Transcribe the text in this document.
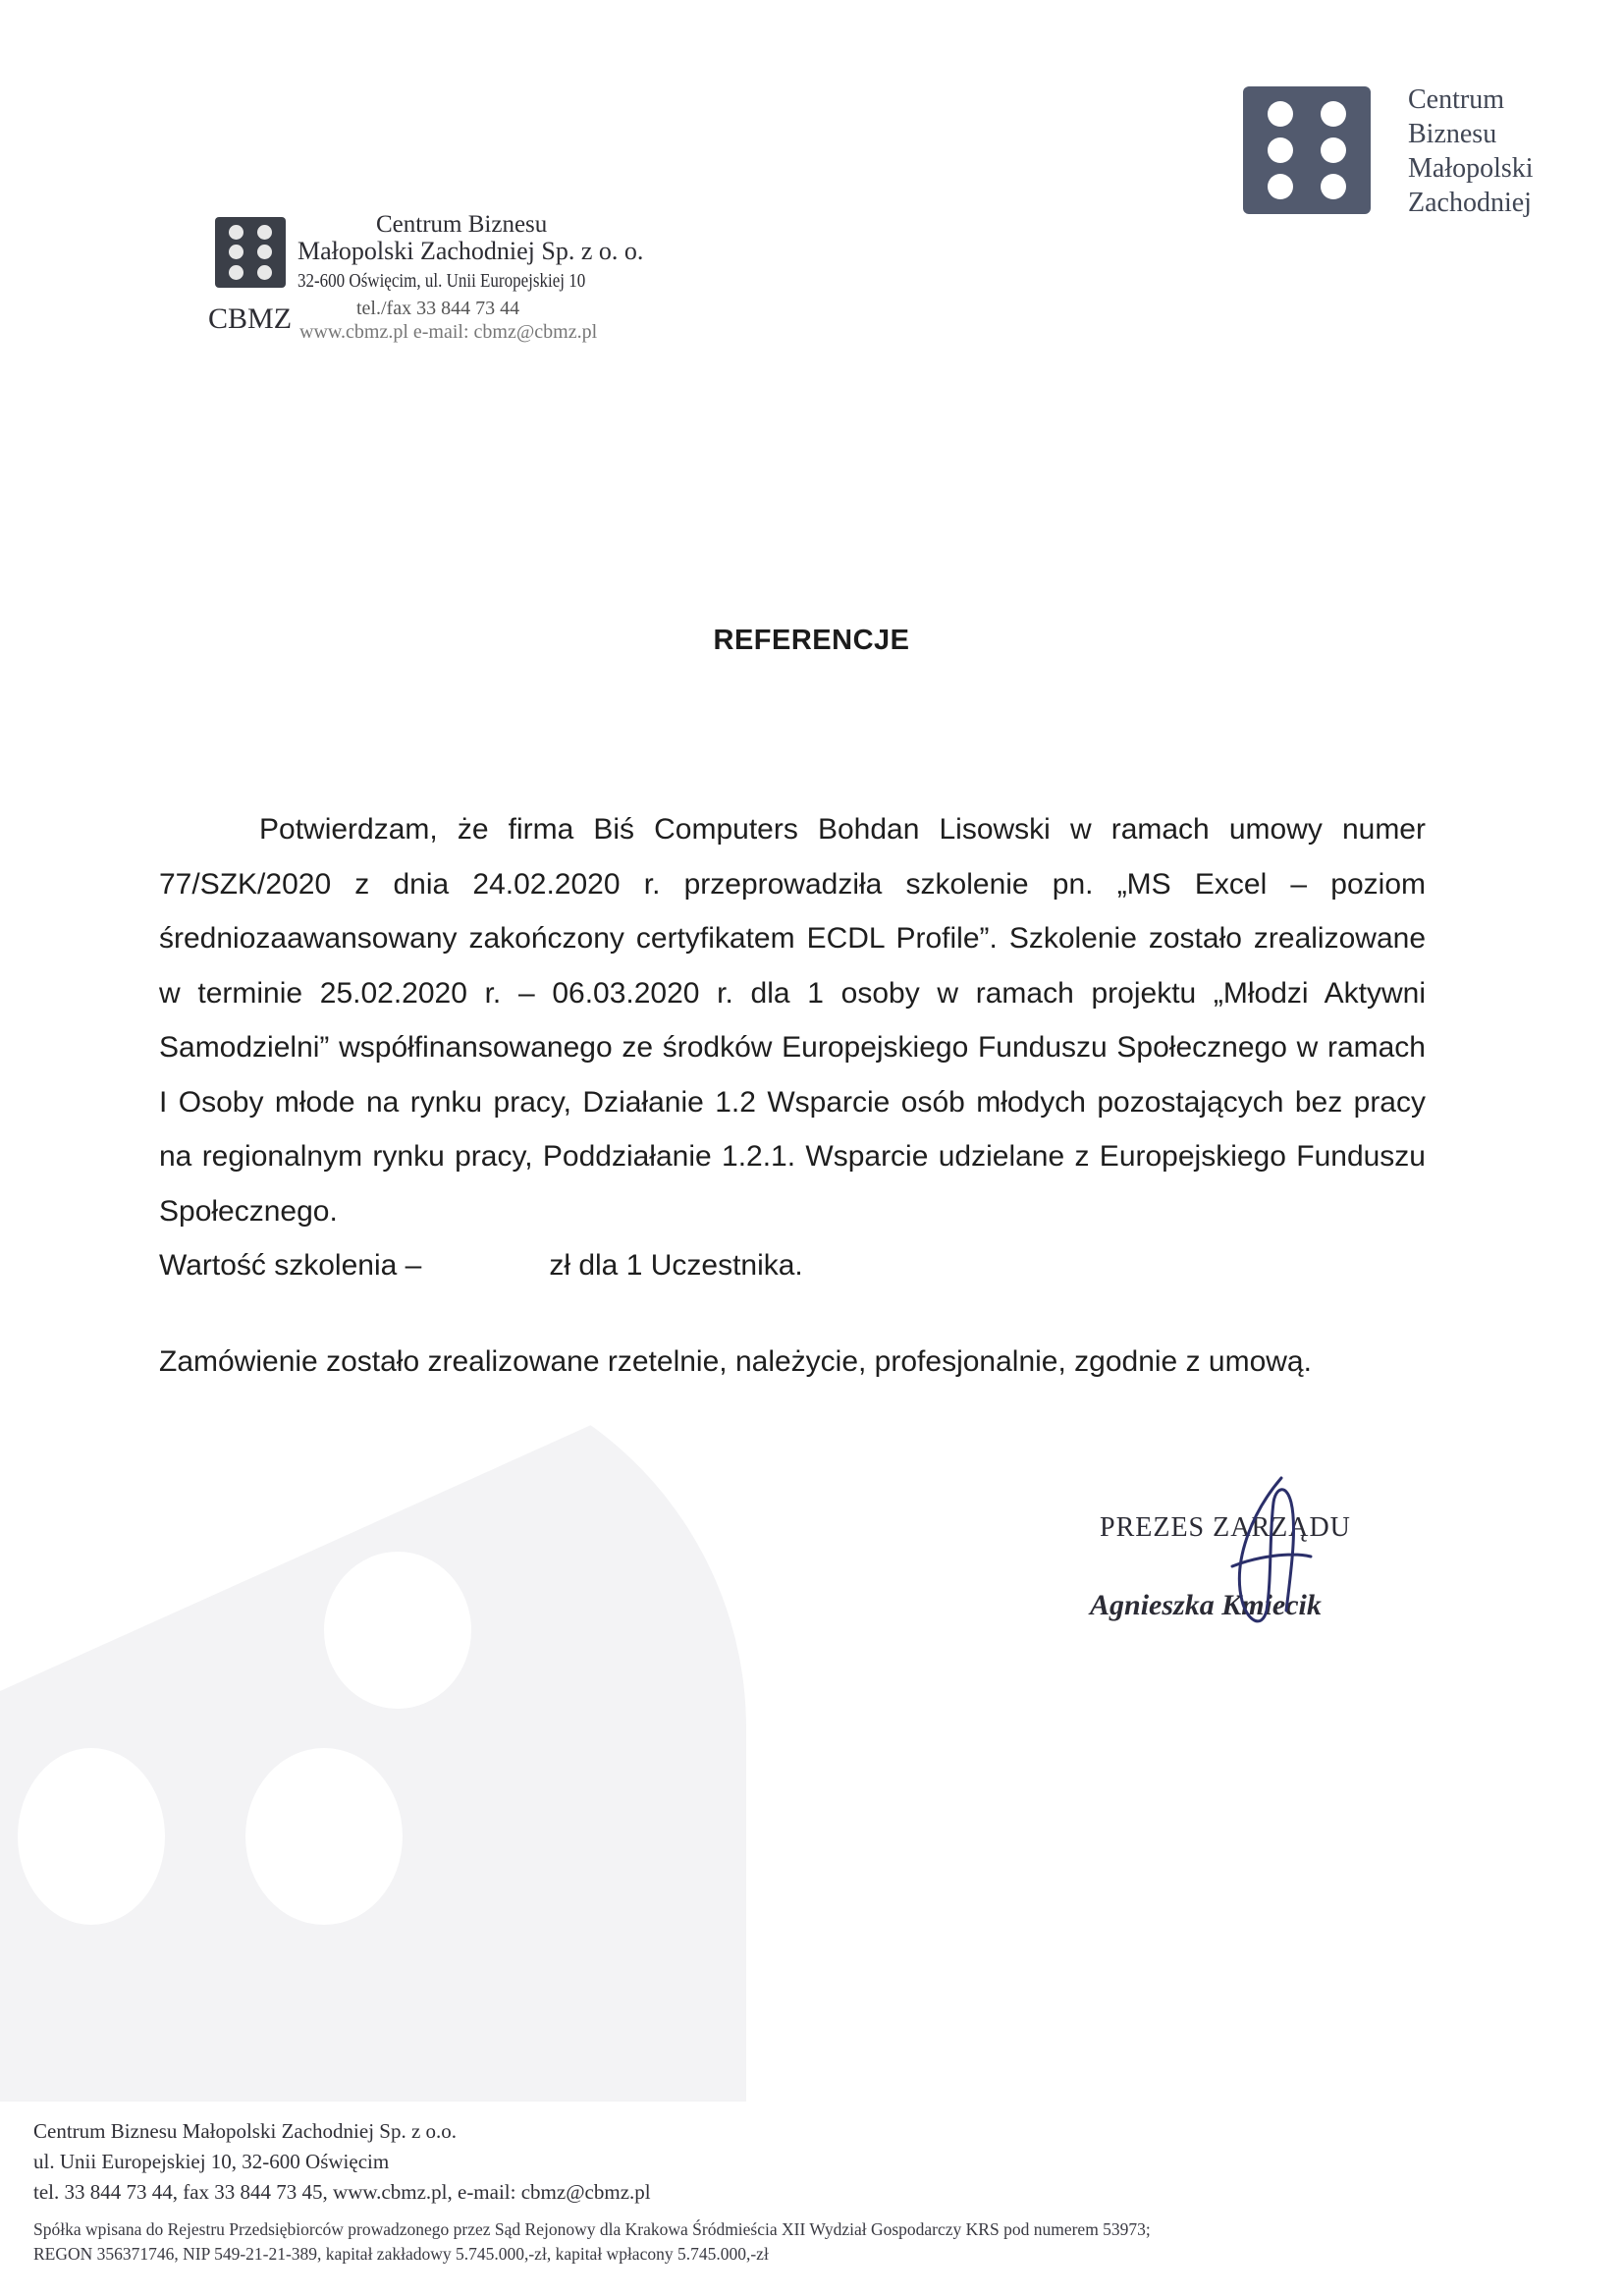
Centrum
Biznesu
Małopolski
Zachodniej
Centrum Biznesu
Małopolski Zachodniej Sp. z o. o.
32-600 Oświęcim, ul. Unii Europejskiej 10
tel./fax 33 844 73 44
CBMZ www.cbmz.pl e-mail: cbmz@cbmz.pl
REFERENCJE

Potwierdzam, że firma Biś Computers Bohdan Lisowski w ramach umowy numer 77/SZK/2020 z dnia 24.02.2020 r. przeprowadziła szkolenie pn. „MS Excel – poziom średniozaawansowany zakończony certyfikatem ECDL Profile”. Szkolenie zostało zrealizowane w terminie 25.02.2020 r. – 06.03.2020 r. dla 1 osoby w ramach projektu „Młodzi Aktywni Samodzielni” współfinansowanego ze środków Europejskiego Funduszu Społecznego w ramach I Osoby młode na rynku pracy, Działanie 1.2 Wsparcie osób młodych pozostających bez pracy na regionalnym rynku pracy, Poddziałanie 1.2.1. Wsparcie udzielane z Europejskiego Funduszu Społecznego.

Wartość szkolenia –	zł dla 1 Uczestnika.

Zamówienie zostało zrealizowane rzetelnie, należycie, profesjonalnie, zgodnie z umową.
PREZES ZARZĄDU
Agnieszka Kmiecik
Centrum Biznesu Małopolski Zachodniej Sp. z o.o.
ul. Unii Europejskiej 10, 32-600 Oświęcim
tel. 33 844 73 44, fax 33 844 73 45, www.cbmz.pl, e-mail: cbmz@cbmz.pl
Spółka wpisana do Rejestru Przedsiębiorców prowadzonego przez Sąd Rejonowy dla Krakowa Śródmieścia XII Wydział Gospodarczy KRS pod numerem 53973;
REGON 356371746, NIP 549-21-21-389, kapitał zakładowy 5.745.000,-zł, kapitał wpłacony 5.745.000,-zł
